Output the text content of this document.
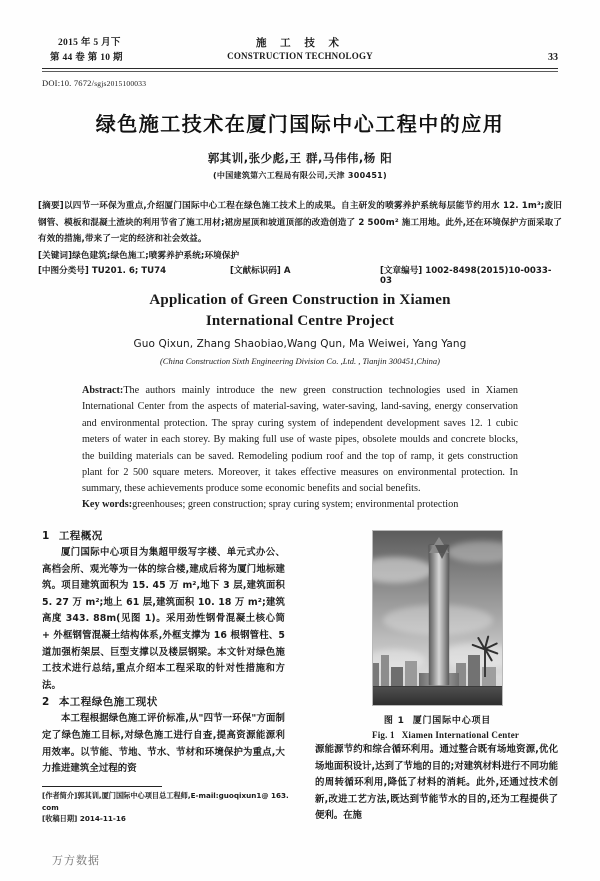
2015 年 5 月下
第 44 卷 第 10 期
施 工 技 术
CONSTRUCTION TECHNOLOGY	33
DOI:10. 7672/sgjs2015100033
绿色施工技术在厦门国际中心工程中的应用
郭其训,张少彪,王 群,马伟伟,杨 阳
(中国建筑第六工程局有限公司,天津 300451)

[摘要]以四节一环保为重点,介绍厦门国际中心工程在绿色施工技术上的成果。自主研发的喷雾养护系统每层能节约用水 12. 1m³;废旧钢管、模板和混凝土渣块的利用节省了施工用材;裙房屋顶和坡道顶部的改造创造了 2 500m² 施工用地。此外,还在环境保护方面采取了有效的措施,带来了一定的经济和社会效益。

[关键词]绿色建筑;绿色施工;喷雾养护系统;环境保护

[中图分类号] TU201. 6; TU74	[文献标识码] A	[文章编号] 1002-8498(2015)10-0033-03
Application of Green Construction in Xiamen
International Centre Project
Guo Qixun, Zhang Shaobiao,Wang Qun, Ma Weiwei, Yang Yang
(China Construction Sixth Engineering Division Co. ,Ltd. , Tianjin 300451,China)
Abstract:The authors mainly introduce the new green construction technologies used in Xiamen International Center from the aspects of material-saving, water-saving, land-saving, energy conservation and environmental protection. The spray curing system of independent development saves 12. 1 cubic meters of water in each storey. By making full use of waste pipes, obsolete moulds and concrete blocks, the building materials can be saved. Remodeling podium roof and the top of ramp, it gets construction plant for 2 500 square meters. Moreover, it takes effective measures on environmental protection. In summary, these achievements produce some economic benefits and social benefits.
Key words:greenhouses; green construction; spray curing system; environmental protection
1 工程概况

厦门国际中心项目为集超甲级写字楼、单元式办公、高档会所、观光等为一体的综合楼,建成后将为厦门地标建筑。项目建筑面积为 15. 45 万 m²,地下 3 层,建筑面积 5. 27 万 m²;地上 61 层,建筑面积 10. 18 万 m²;建筑高度 343. 88m(见图 1)。采用劲性钢骨混凝土核心筒 + 外框钢管混凝土结构体系,外框支撑为 16 根钢管柱、5 道加强桁架层、巨型支撑以及楼层钢梁。本文针对绿色施工技术进行总结,重点介绍本工程采取的针对性措施和方法。

2 本工程绿色施工现状

本工程根据绿色施工评价标准,从"四节一环保"方面制定了绿色施工目标,对绿色施工进行自查,提高资源能源利用效率。以节能、节地、节水、节材和环境保护为重点,大力推进建筑全过程的资

[作者简介]郭其训,厦门国际中心项目总工程师,E-mail:guoqixun1@ 163. com
[收稿日期] 2014-11-16
图 1 厦门国际中心项目
Fig. 1 Xiamen International Center
源能源节约和综合循环利用。通过整合既有场地资源,优化场地面积设计,达到了节地的目的;对建筑材料进行不同功能的周转循环利用,降低了材料的消耗。此外,还通过技术创新,改进工艺方法,既达到节能节水的目的,还为工程提供了便利。在施
万方数据
